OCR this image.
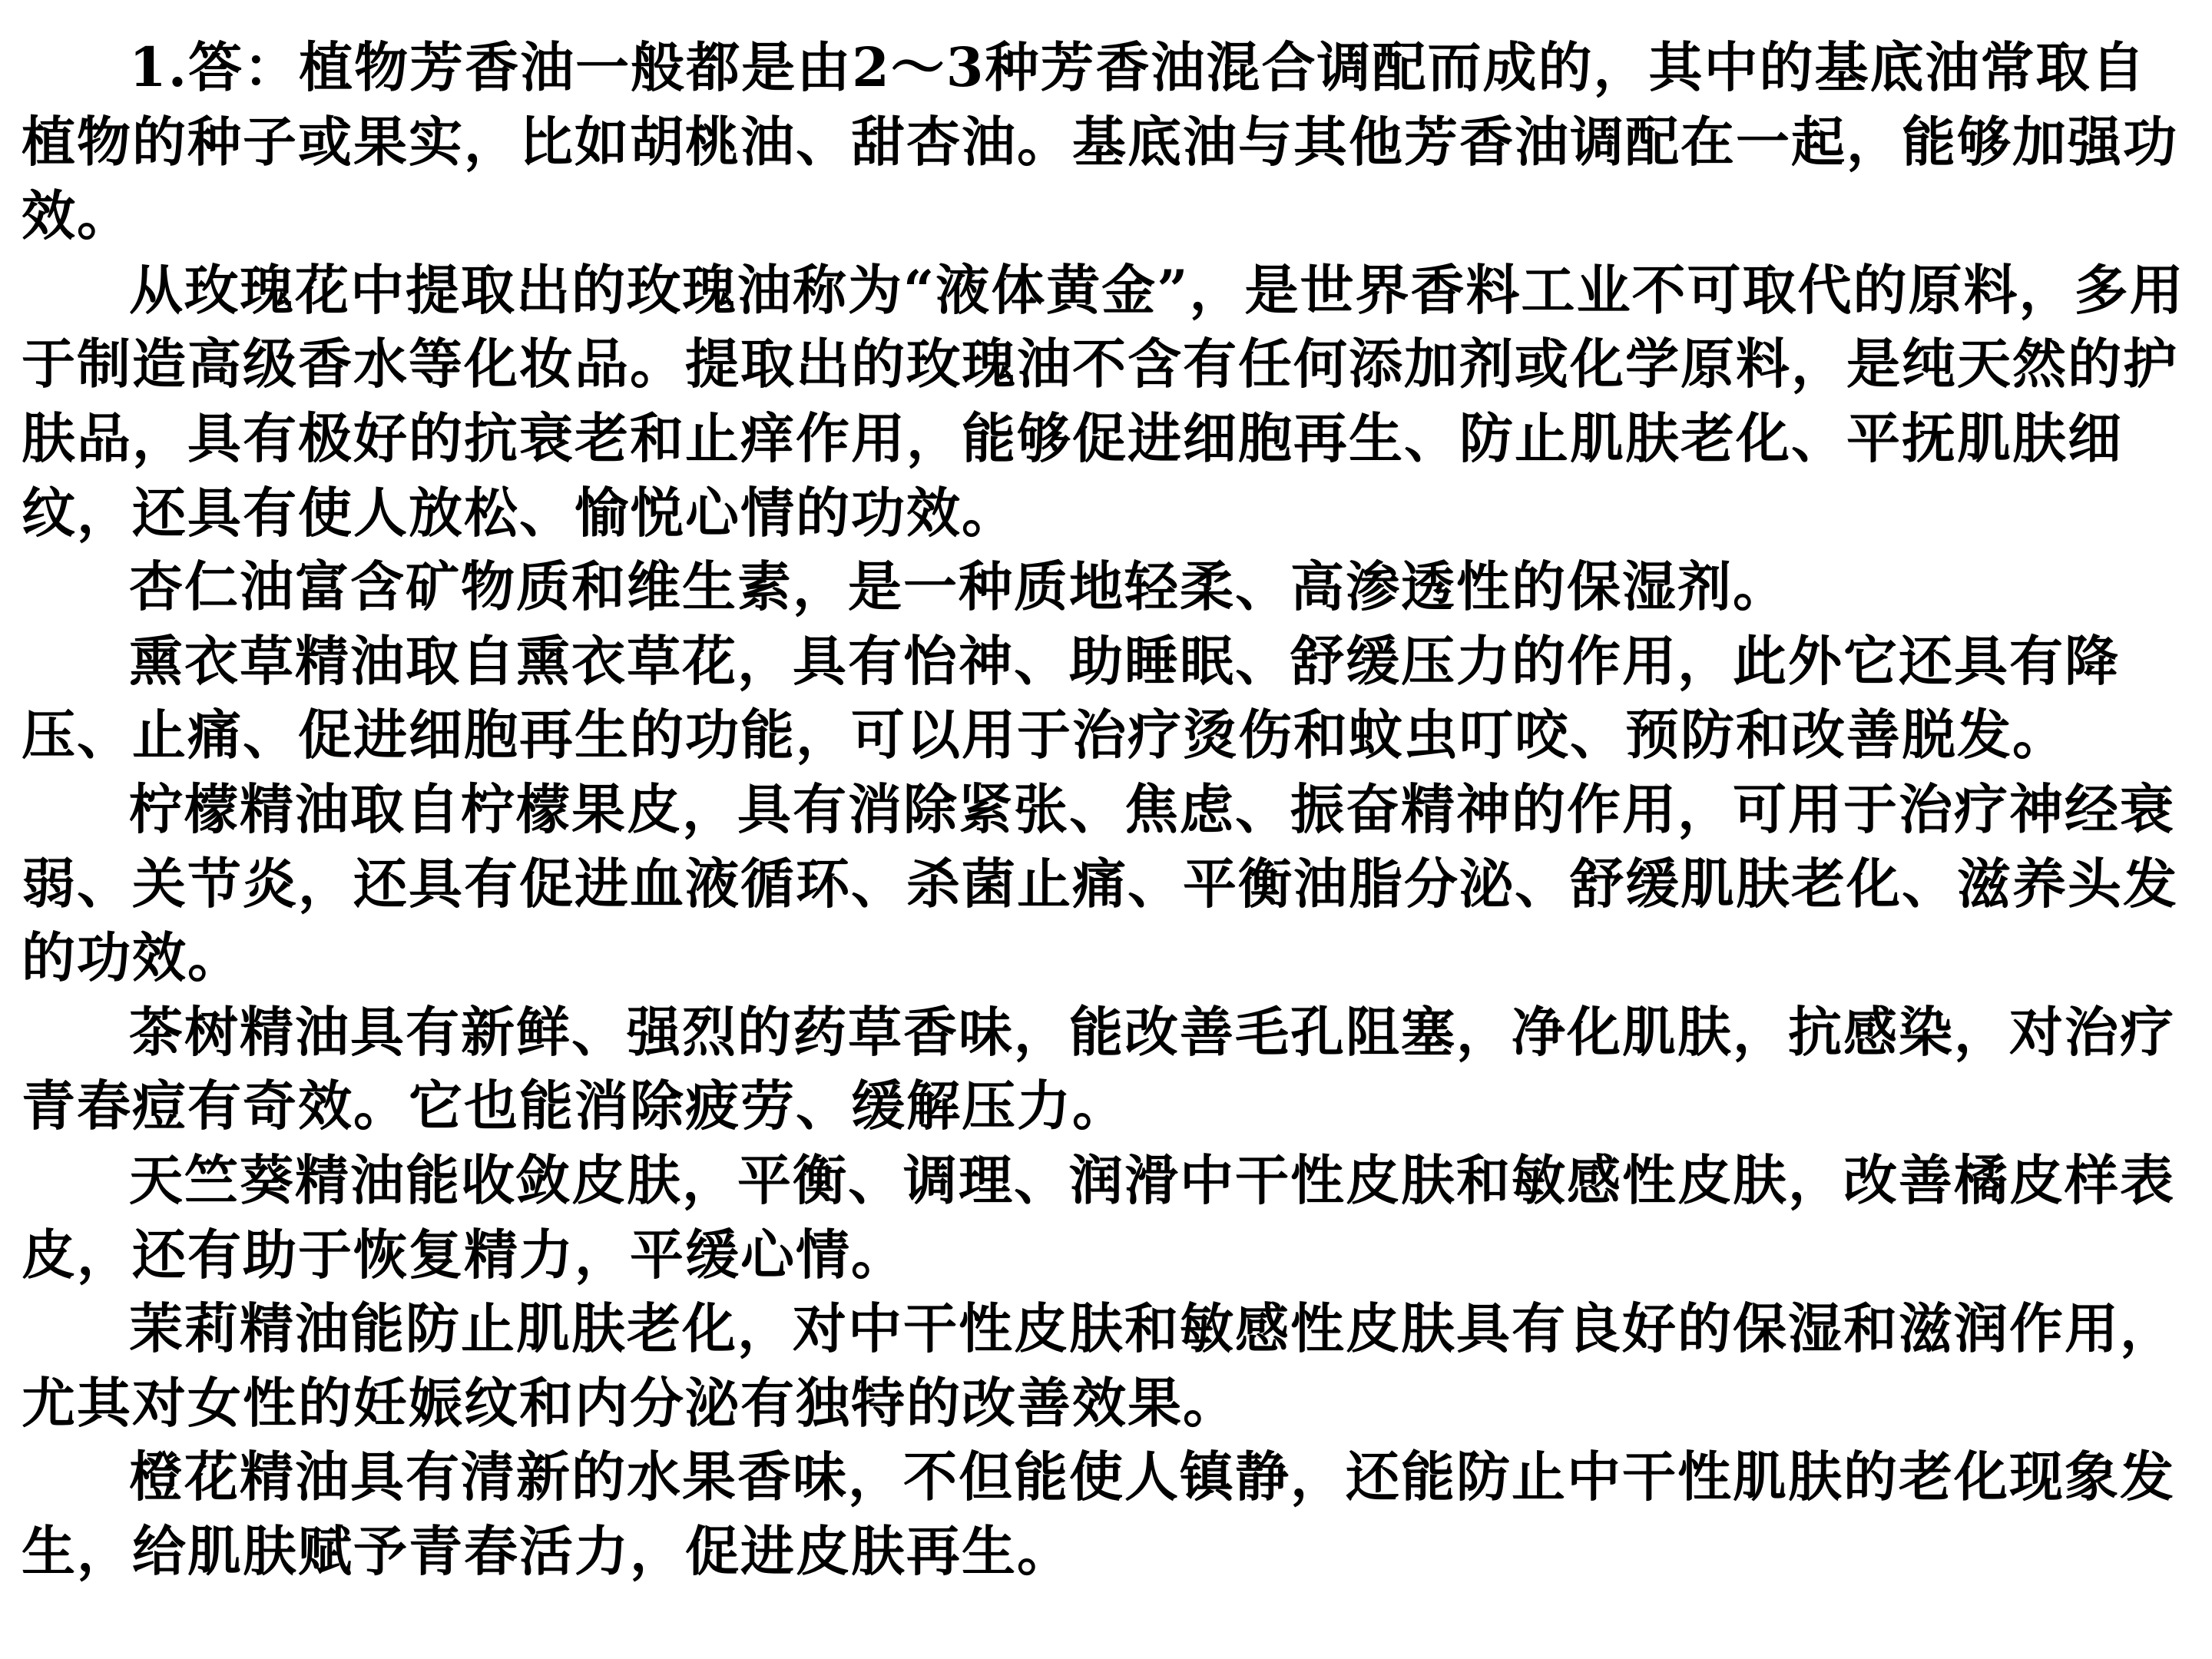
1.答：植物芳香油一般都是由2～3种芳香油混合调配而成的，其中的基底油常取自植物的种子或果实，比如胡桃油、甜杏油。基底油与其他芳香油调配在一起，能够加强功效。

从玫瑰花中提取出的玫瑰油称为“液体黄金”，是世界香料工业不可取代的原料，多用于制造高级香水等化妆品。提取出的玫瑰油不含有任何添加剂或化学原料，是纯天然的护肤品，具有极好的抗衰老和止痒作用，能够促进细胞再生、防止肌肤老化、平抚肌肤细纹，还具有使人放松、愉悦心情的功效。

杏仁油富含矿物质和维生素，是一种质地轻柔、高渗透性的保湿剂。

熏衣草精油取自熏衣草花，具有怡神、助睡眠、舒缓压力的作用，此外它还具有降压、止痛、促进细胞再生的功能，可以用于治疗烫伤和蚊虫叮咬、预防和改善脱发。

柠檬精油取自柠檬果皮，具有消除紧张、焦虑、振奋精神的作用，可用于治疗神经衰弱、关节炎，还具有促进血液循环、杀菌止痛、平衡油脂分泌、舒缓肌肤老化、滋养头发的功效。

茶树精油具有新鲜、强烈的药草香味，能改善毛孔阻塞，净化肌肤，抗感染，对治疗青春痘有奇效。它也能消除疲劳、缓解压力。

天竺葵精油能收敛皮肤，平衡、调理、润滑中干性皮肤和敏感性皮肤，改善橘皮样表皮，还有助于恢复精力，平缓心情。

茉莉精油能防止肌肤老化，对中干性皮肤和敏感性皮肤具有良好的保湿和滋润作用，尤其对女性的妊娠纹和内分泌有独特的改善效果。

橙花精油具有清新的水果香味，不但能使人镇静，还能防止中干性肌肤的老化现象发生，给肌肤赋予青春活力，促进皮肤再生。
